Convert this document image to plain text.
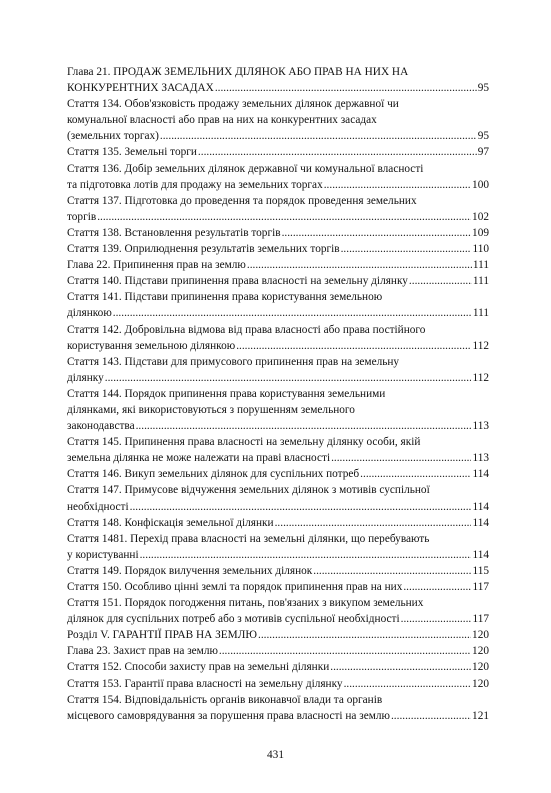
Глава 21. ПРОДАЖ ЗЕМЕЛЬНИХ ДІЛЯНОК АБО ПРАВ НА НИХ НА
КОНКУРЕНТНИХ ЗАСАДАХ .....	95
Стаття 134. Обов'язковість продажу земельних ділянок державної чи
комунальної власності або прав на них на конкурентних засадах
(земельних торгах) .....	95
Стаття 135. Земельні торги .....	97
Стаття 136. Добір земельних ділянок державної чи комунальної власності
та підготовка лотів для продажу на земельних торгах .....	100
Стаття 137. Підготовка до проведення та порядок проведення земельних
торгів .....	102
Стаття 138. Встановлення результатів торгів .....	109
Стаття 139. Оприлюднення результатів земельних торгів .....	110
Глава 22. Припинення прав на землю .....	111
Стаття 140. Підстави припинення права власності на земельну ділянку .....	111
Стаття 141. Підстави припинення права користування земельною
ділянкою .....	111
Стаття 142. Добровільна відмова від права власності або права постійного
користування земельною ділянкою .....	112
Стаття 143. Підстави для примусового припинення прав на земельну
ділянку .....	112
Стаття 144. Порядок припинення права користування земельними
ділянками, які використовуються з порушенням земельного
законодавства .....	113
Стаття 145. Припинення права власності на земельну ділянку особи, якій
земельна ділянка не може належати на праві власності .....	113
Стаття 146. Викуп земельних ділянок для суспільних потреб .....	114
Стаття 147. Примусове відчуження земельних ділянок з мотивів суспільної
необхідності .....	114
Стаття 148. Конфіскація земельної ділянки .....	114
Стаття 1481. Перехід права власності на земельні ділянки, що перебувають
у користуванні .....	114
Стаття 149. Порядок вилучення земельних ділянок .....	115
Стаття 150. Особливо цінні землі та порядок припинення прав на них .....	117
Стаття 151. Порядок погодження питань, пов'язаних з викупом земельних
ділянок для суспільних потреб або з мотивів суспільної необхідності .....	117
Розділ V. ГАРАНТІЇ ПРАВ НА ЗЕМЛЮ .....	120
Глава 23. Захист прав на землю .....	120
Стаття 152. Способи захисту прав на земельні ділянки .....	120
Стаття 153. Гарантії права власності на земельну ділянку .....	120
Стаття 154. Відповідальність органів виконавчої влади та органів
місцевого самоврядування за порушення права власності на землю .....	121
431
